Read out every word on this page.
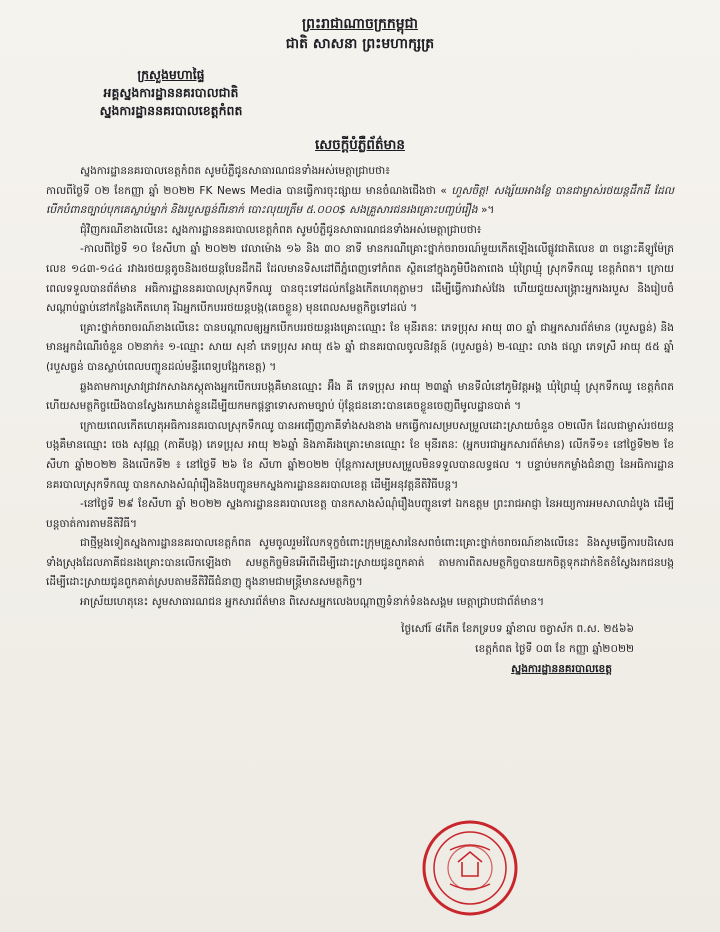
ព្រះរាជាណាចក្រកម្ពុជា
ជាតិ សាសនា ព្រះមហាក្សត្រ
ក្រសួងមហាផ្ទៃ
អគ្គស្នងការដ្ឋាននគរបាលជាតិ
ស្នងការដ្ឋាននគរបាលខេត្តកំពត
សេចក្តីបំភ្លឺព័ត៌មាន

ស្នងការដ្ឋាននគរបាលខេត្តកំពត សូមបំភ្លឺជូនសាធារណជនទាំងអស់មេត្តាជ្រាបថា៖

កាលពីថ្ងៃទី ០២ ខែកញ្ញា ឆ្នាំ ២០២២ FK News Media បានធ្វើការចុះផ្សាយ មានចំណងជើងថា « ហួសចិត្ត! សង្ស័យអាងខ្លែ បានជាម្ចាស់រថយន្តដឹកដី ដែលបើកបំពានច្បាប់បុកគេស្លាប់ម្នាក់ និងរបួសធ្ងន់ពីរនាក់ បោះលុយត្រឹម ៥.០០០$ សងគ្រួសារជនរងគ្រោះបញ្ចប់រឿង »។

ជុំវិញករណីខាងលើនេះ ស្នងការដ្ឋាននគរបាលខេត្តកំពត សូមបំភ្លឺជូនសាធារណជនទាំងអស់មេត្តាជ្រាបថា៖

-កាលពីថ្ងៃទី ១០ ខែសីហា ឆ្នាំ ២០២២ វេលាម៉ោង ១៦ និង ៣០ នាទី មានករណីគ្រោះថ្នាក់ចរាចរណ៍មួយកើតឡើងលើផ្លូវជាតិលេខ ៣ ចន្លោះគីឡូម៉ែត្រលេខ ១៤៣-១៤៤ រវាងរថយន្តតូចនិងរថយន្តបែនដឹកដី ដែលមានទិសដៅពីភ្នំពេញទៅកំពត ស្ថិតនៅក្នុងភូមិបឹងតាពេង ឃុំព្រៃឃ្មុំ ស្រុកទឹកឈូ ខេត្តកំពត។ ក្រោយពេលទទួលបានព័ត៌មាន អធិការដ្ឋាននគរបាលស្រុកទឹកឈូ បានចុះទៅដល់កន្លែងកើតហេតុភ្លាមៗ ដើម្បីធ្វើការវាស់វែង ហើយជួយសង្គ្រោះអ្នករងរបួស និងរៀបចំសណ្តាប់ធ្នាប់នៅកន្លែងកើតហេតុ រីឯអ្នកបើកបររថយន្តបង្ក(គេចខ្លួន) មុនពេលសមត្ថកិច្ចទៅដល់ ។

គ្រោះថ្នាក់ចរាចរណ៍ខាងលើនេះ បានបណ្តាលឲ្យអ្នកបើកបររថយន្តរងគ្រោះឈ្មោះ ខែ មុនីរតនៈ ភេទប្រុស អាយុ ៣០ ឆ្នាំ ជាអ្នកសារព័ត៌មាន (របួសធ្ងន់) និងមានអ្នកដំណើរចំនួន ០២នាក់៖ ១-ឈ្មោះ សាយ សុខាំ ភេទប្រុស អាយុ ៥៦ ឆ្នាំ ជានគរបាលចូលនិវត្តន៍ (របួសធ្ងន់) ២-ឈ្មោះ លាង ផល្លា ភេទស្រី អាយុ ៥៥ ឆ្នាំ (របួសធ្ងន់ បានស្លាប់ពេលបញ្ជូនដល់មន្ទីរពេទ្យបង្អែកខេត្ត) ។

ឆ្លងតាមការស្រាវជ្រាវកសាងភស្តុតាងអ្នកបើកបរបង្កគឺមានឈ្មោះ អ៊ឹង គី ភេទប្រុស អាយុ ២៣ឆ្នាំ មានទីលំនៅភូមិវត្តអង្គ ឃុំព្រៃឃ្មុំ ស្រុកទឹកឈូ ខេត្តកំពត ហើយសមត្ថកិច្ចយើងបានស្វែងរកឃាត់ខ្លួនដើម្បីយកមកផ្តន្ទាទោសតាមច្បាប់ ប៉ុន្តែជននោះបានគេចខ្លួនចេញពីមូលដ្ឋានបាត់ ។

ក្រោយពេលកើតហេតុអធិការនគរបាលស្រុកទឹកឈូ បានអញ្ជើញភាគីទាំងសងខាង មកធ្វើការសម្របសម្រួលដោះស្រាយចំនួន ០២លើក ដែលជាម្ចាស់រថយន្តបង្កគឺមានឈ្មោះ ចេង សុវណ្ណ (ភាគីបង្ក) ភេទប្រុស អាយុ ២៦ឆ្នាំ និងភាគីរងគ្រោះមានឈ្មោះ ខែ មុនីរតនៈ (អ្នកបរជាអ្នកសារព័ត៌មាន) លើកទី១៖ នៅថ្ងៃទី២២ ខែសីហា ឆ្នាំ២០២២ និងលើកទី២ ៖ នៅថ្ងៃទី ២៦ ខែ សីហា ឆ្នាំ២០២២ ប៉ុន្តែការសម្របសម្រួលមិនទទួលបានលទ្ធផល ។ បន្ទាប់មកកម្លាំងជំនាញ នៃអធិការដ្ឋាននគរបាលស្រុកទឹកឈូ បានកសាងសំណុំរឿងនិងបញ្ជូនមកស្នងការដ្ឋាននគរបាលខេត្ត ដើម្បីអនុវត្តនីតិវិធីបន្ត។

-នៅថ្ងៃទី ២៩ ខែសីហា ឆ្នាំ ២០២២ ស្នងការដ្ឋាននគរបាលខេត្ត បានកសាងសំណុំរឿងបញ្ជូនទៅ ឯកឧត្តម ព្រះរាជអាជ្ញា នៃអយ្យការអមសាលាដំបូង ដើម្បីបន្តចាត់ការតាមនីតិវិធី។

ជាថ្មីម្តងទៀតស្នងការដ្ឋាននគរបាលខេត្តកំពត សូមចូលរួមរំលែកទុក្ខចំពោះក្រុមគ្រួសារនៃសពចំពោះគ្រោះថ្នាក់ចរាចរណ៍ខាងលើនេះ និងសូមធ្វើការបដិសេធទាំងស្រុងដែលភាគីជនរងគ្រោះបានលើកឡើងថា សមត្ថកិច្ចមិនអើពើដើម្បីដោះស្រាយជូនពួកគាត់ តាមការពិតសមត្ថកិច្ចបានយកចិត្តទុកដាក់ខិតខំស្វែងរកជនបង្ក ដើម្បីដោះស្រាយជូនពួកគាត់ស្របតាមនីតិវិធីជំនាញ ក្នុងនាមជាមន្ត្រីមានសមត្ថកិច្ច។

អាស្រ័យហេតុនេះ សូមសាធារណជន អ្នកសារព័ត៌មាន ពិសេសអ្នកលេងបណ្តាញទំនាក់ទំនងសង្គម មេត្តាជ្រាបជាព័ត៌មាន។

ថ្ងៃសៅរ៍ ៨កើត ខែភទ្របទ ឆ្នាំខាល ចត្វាស័ក ព.ស. ២៥៦៦
ខេត្តកំពត ថ្ងៃទី ០៣ ខែ កញ្ញា ឆ្នាំ២០២២
ស្នងការដ្ឋាននគរបាលខេត្ត
